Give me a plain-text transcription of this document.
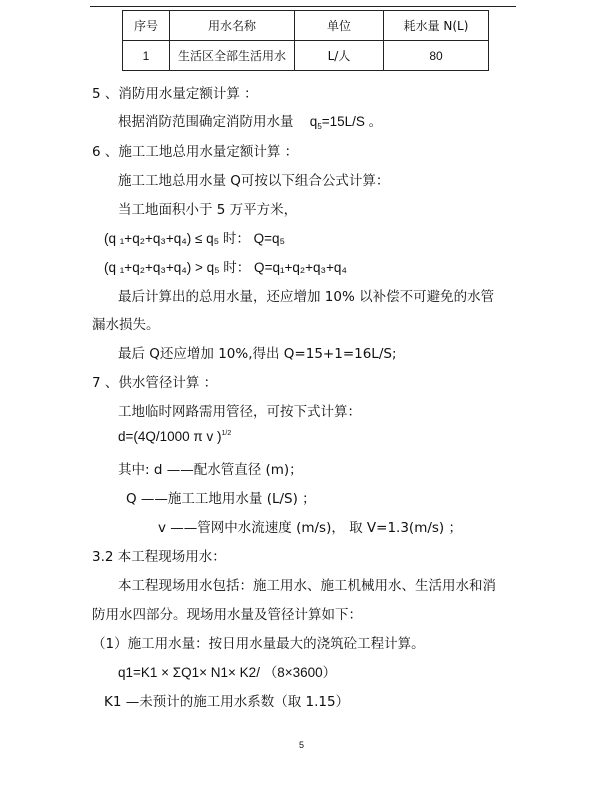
序号	用水名称	单位	耗水量 N(L)
1	生活区全部生活用水	L/人	80
5 、消防用水量定额计算 ：
根据消防范围确定消防用水量 $q_5=15L/S$ 。
6 、施工工地总用水量定额计算 ：
施工工地总用水量 Q可按以下组合公式计算：
当工地面积小于 5 万平方米，
(q ₁+q₂+q₃+q₄) ≤ q₅ 时： Q=q₅
(q ₁+q₂+q₃+q₄) > q₅ 时： Q=q₁+q₂+q₃+q₄
最后计算出的总用水量，还应增加 10% 以补偿不可避免的水管
漏水损失。
最后 Q还应增加 10%,得出 Q=15+1=16L/S;
7 、供水管径计算 ：
工地临时网路需用管径，可按下式计算：
d=(4Q/1000 π v )$^{1/2}$
其中: d ——配水管直径 (m)；
Q ——施工工地用水量 (L/S) ；
v ——管网中水流速度 (m/s)， 取 V=1.3(m/s) ；
3.2 本工程现场用水：
本工程现场用水包括：施工用水、施工机械用水、生活用水和消
防用水四部分。现场用水量及管径计算如下：
（1）施工用水量：按日用水量最大的浇筑砼工程计算。
q1=K1 × ΣQ1× N1× K2/ （8×3600）
K1 —未预计的施工用水系数（取 1.15）
5
